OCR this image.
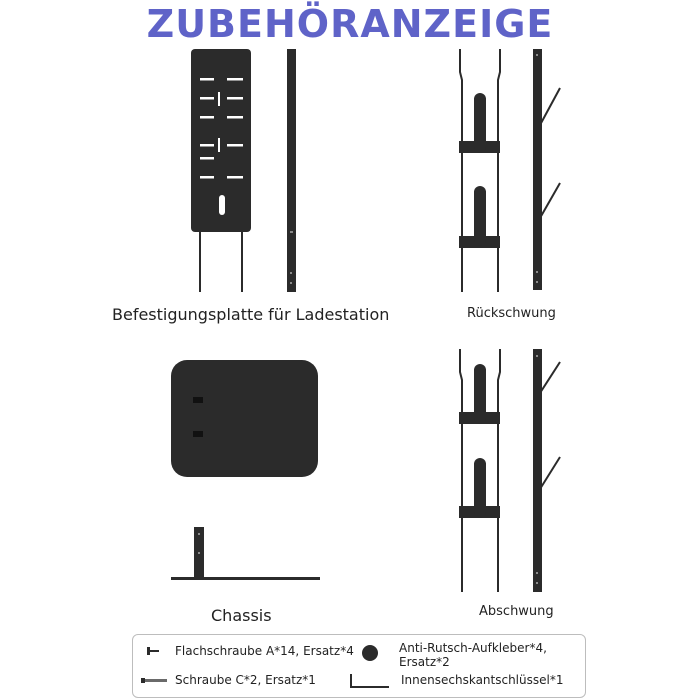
ZUBEHÖRANZEIGE
Befestigungsplatte für Ladestation	Rückschwung
Chassis	Abschwung
Flachschraube A*14, Ersatz*4	Anti-Rutsch-Aufkleber*4,
Ersatz*2
Schraube C*2, Ersatz*1	Innensechskantschlüssel*1
